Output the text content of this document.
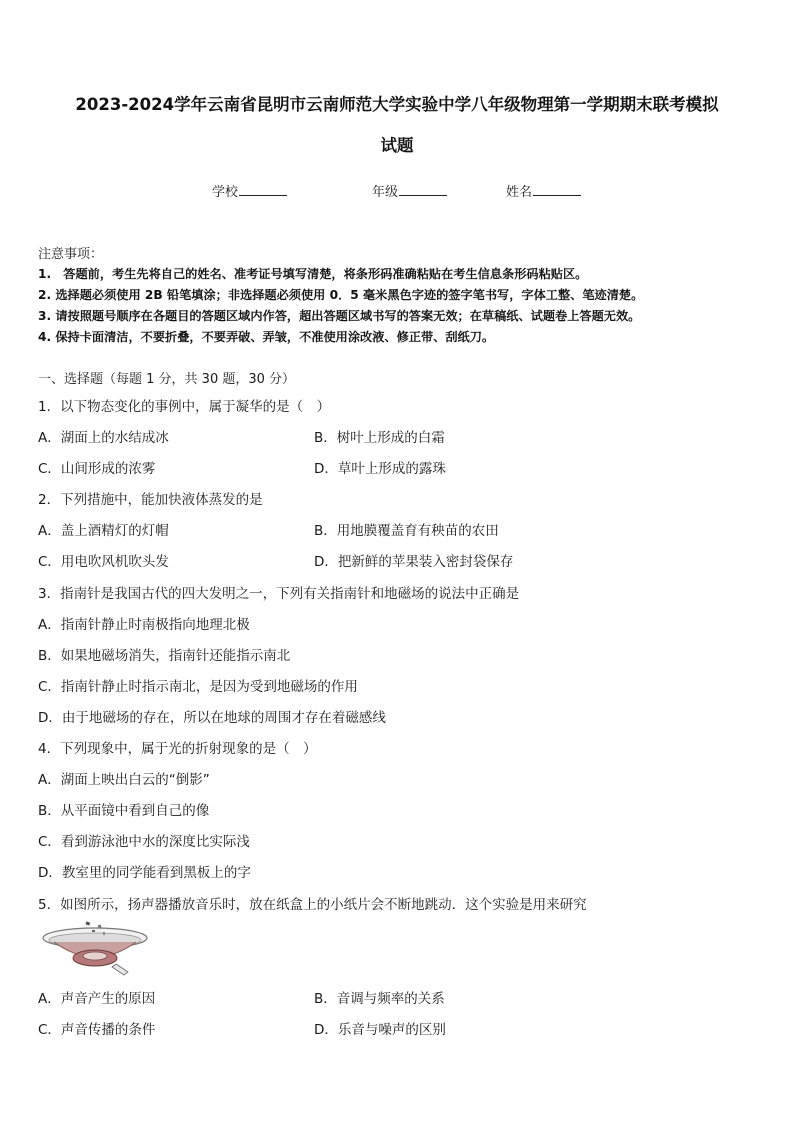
2023-2024学年云南省昆明市云南师范大学实验中学八年级物理第一学期期末联考模拟
试题
学校	年级	姓名
注意事项：
1.　答题前，考生先将自己的姓名、准考证号填写清楚，将条形码准确粘贴在考生信息条形码粘贴区。
2. 选择题必须使用 2B 铅笔填涂；非选择题必须使用 0．5 毫米黑色字迹的签字笔书写，字体工整、笔迹清楚。
3. 请按照题号顺序在各题目的答题区域内作答，超出答题区域书写的答案无效；在草稿纸、试题卷上答题无效。
4. 保持卡面清洁，不要折叠，不要弄破、弄皱，不准使用涂改液、修正带、刮纸刀。
一、选择题（每题 1 分，共 30 题，30 分）
1．以下物态变化的事例中，属于凝华的是（　）
A．湖面上的水结成冰	B．树叶上形成的白霜
C．山间形成的浓雾	D．草叶上形成的露珠
2．下列措施中，能加快液体蒸发的是
A．盖上酒精灯的灯帽	B．用地膜覆盖育有秧苗的农田
C．用电吹风机吹头发	D．把新鲜的苹果装入密封袋保存
3．指南针是我国古代的四大发明之一，下列有关指南针和地磁场的说法中正确是
A．指南针静止时南极指向地理北极
B．如果地磁场消失，指南针还能指示南北
C．指南针静止时指示南北，是因为受到地磁场的作用
D．由于地磁场的存在，所以在地球的周围才存在着磁感线
4．下列现象中，属于光的折射现象的是（　）
A．湖面上映出白云的“倒影”
B．从平面镜中看到自己的像
C．看到游泳池中水的深度比实际浅
D．教室里的同学能看到黑板上的字
5．如图所示，扬声器播放音乐时，放在纸盒上的小纸片会不断地跳动．这个实验是用来研究
A．声音产生的原因	B．音调与频率的关系
C．声音传播的条件	D．乐音与噪声的区别
